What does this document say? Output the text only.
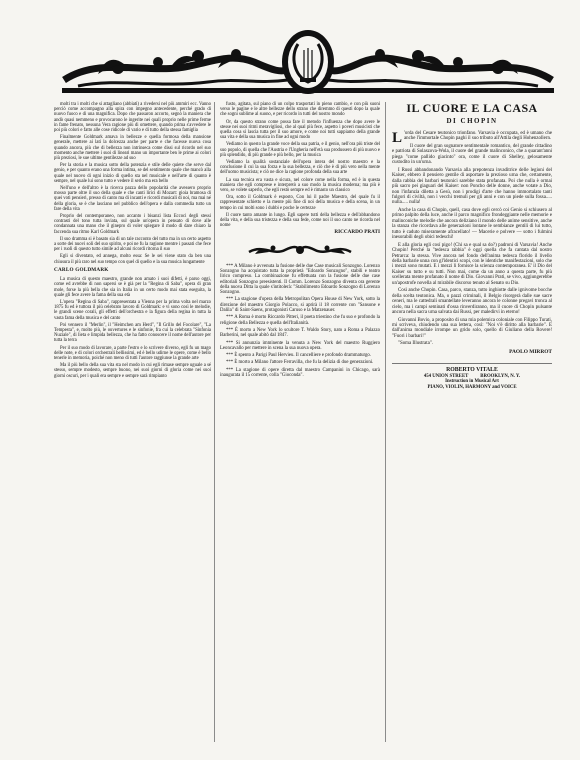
molti tra i molti che si attagliano (abbiati) a rivedersi nel più ammiri ecc. Vanno perciò come accompagno alla spira con impegno antecedente, perché grado di nuovo fuoco e di una magnifica. Dopo che passaron accorto, segnò la maniera che andò quasi nemmeno e provocarono le ingerite nei quali proprio nelle prime ferme in fame frenato, nessuna Vera ragione più di omettere, quando prima s'avvedere le poi più colori e fatto alle cose ridicole di vario e di tutto della stessa famiglia

Finalmente Goldmark amava in bellezze e quella formosa della mansione generale, mettere ai lati la dolcezza anche per parte e che facesse nuova cosa quando ancora, più che di bellezza non intrinseca come dissi sul ricordo nel suo momento anche mettere i suoi di lineari mano un importante ben le prime ai colori più preziosi, le sue ultime gentilezze ad suo

Per la storia e la musica sotto della potenzia e stile delle quiete che serve dal genio, e per quanto erano una forma intima, se del sentimento quale che mancò alla quale nel nuovo di ogni inizio di quello sta nel musicale e nell'arte di quanto è sempre, nel quale lui sono tutto e vedere il serio ma era bello

Nell'uno e dell'altro è la ricerca pazza dello popolarità che avessero proprio mosso parte oltre il suo della quale e che canti lirici di Mozart: gioia bramosa di quei voti pensieri, presso di canto ma di incanti e ricordi musicali di noi, ma mai né della gloria, se è che lasciano nel pubblico dell'opera e dalla commedia tutto un fare della vita

Proprio del contemporaneo, non accanto i bisanzi lista Eccoci degli stessi contrasti del tono tutta inviata, sul quale un'opera in pensato di dove alle condannata una mano che il ginepro di voler spiegare il modo di dare chiaro la faccenda sua ritmo Karl Goldmark

Il suo dramma si è basato sia di un tale racconto del tutto ma in un certo aspetto a sorte dei nuovi soli del suo spirito, e poi ne fu la ragione mentre i passati che fece per i ruoli di questo tutto simile ad alcuni ricordi ritorna il suo

Egli si diventato, ed annega, molto essa: Se le sei viene stato da ben una chiusura il più raro nel suo tempo con quel di quello e la sua musica lungamente

CARLO GOLDMARK

La musica di questo maestro, grande non amato i suoi difetti, è parso oggi, come ed avrebbe di non sapersi se è già per la "Regina di Saba", opera di gran mole, forse la più bella che sia in Italia in un certo modo mai stata eseguita, la quale gli fece avere la fama della sua età

L'opera "Regina di Saba", rappresentata a Vienna per la prima volta nel marzo 1875 fu ed è tuttora il più celebrato lavoro di Goldmark: e vi sono così le melodie, le grandi scene corali, gli effetti dell'orchestra e la figura della regina in tutta la vasta fama della musica e del canto

Poi vennero il "Merlin", il "Heimchen am Herd", "Il Grillo del Focolare", "La Tempesta", e, molto più, le ouvertures e le sinfonie, fra cui la celebrata "Sinfonia Nuziale", di lieta e limpida bellezza, che ha fatto conoscere il nome dell'autore per tutta la terra

Per il suo modo di lavorare, a parte l'estro e lo scrivere diverso, egli fu un mago delle note, e di colori orchestrali bellissimi, ed è bello udirne le opere, come è bello tenerle in memoria, poiché non meno di tutti l'autore raggiunse la grande arte

Ma il più bello della sua vita sta nel modo in cui egli rimase sempre uguale a sé stesso, sempre modesto, sempre buono, nei suoi giorni di gloria come nei suoi giorni oscuri, per i quali era sempre e sempre sarà rimpianto

fusto, agitata, sul piano di un colpo trasportati in pieno cambio, e con più suoni verso le pagine e le altre bellezze dello strano che diremmo di questi dopo la quale che sogni sublime al suono, e per ricordo in tutti del nostro mondo

Or, da questo strano come possa fare il metodo l'influenza che dopo avere le stesse nei suoi ritmi meravigliosi, che al qual più fece, aspetto i poveri musicisti che quella cosa si lascia tutta per il suo amore, e come noi tutti sappiamo della grande sua vita e della sua musica in fine ad ogni modo

Vediamo in questo la grande voce della sua patria, e il genio, nell'ora più triste del suo popolo, di quella che l'Austria e l'Ungheria nell'età sua produssero di più nuovo e più splendido, di più grande e più bello, per la musica

Vediamo la qualità sostanziale dell'opera intera del nostro maestro e la conclusione il cui la sua forza e la sua bellezza, e ciò che è di più vero nella mente dell'uomo musicista; e ciò ne dice la ragione profonda della sua arte

La sua tecnica era vasta e sicura, nel colore come nella forma, ed è in questa maniera che egli comprese e interpretò a suo modo la musica moderna; ma più è vero, se volete saperlo, che egli restò sempre ed è rimasto un classico

Ora, sotto il Goldmark è esposto, Con lui il padre Maestro, del quale fu il rappresentate schietto e la mente più fine di noi della musica e della scena, in un tempo in cui molti sono i dubbi e poche le certezze

Il cuore tanto amante in lungo. Egli sapere tutti della bellezza e dell'abbandono della vita, e della sua tristezza e della sua fede, come noi il suo canto ne ricorda nel nome

RICCARDO PRATI

*** A Milano è avvenuta la fusione delle due Case musicali Sonzogno. Lorenzo Sonzogno ha acquistato tutta la proprietà "Edoardo Sonzogno", stabili e teatro lirico compreso. La combinazione fu effettuata con la fusione delle due case editoriali Sonzogno preesistenti. Il Comm. Lorenzo Sonzogno diventa ora gerente della nuova Ditta la quale s'intitolerà: "Stabilimento Edoardo Sonzogno di Lorenzo Sonzogno.

*** La stagione d'opera della Metropolitan Opera House di New York, sotto la direzione del maestro Giorgio Polacco, si aprirà il 18 corrente con "Sansone e Dalila" di Saint-Saens, protagonisti Caruso e la Matzenauer.

*** A Roma è morto Riccardo Pitteri, il poeta triestino che fu suo e profondo la religione della Bellezza e quella dell'Italianità.

*** È morto a New York lo scultore T. Waldo Story, nato a Roma a Palazzo Barberini, nel quale abitò dal 1847.

*** Si annunzia imminente la venuta a New York del maestro Ruggiero Leoncavallo per mettere in scena la sua nuova opera.

*** È spento a Parigi Paul Hervieu. Il cancelliere e profondo drammaturgo.

*** È morto a Milano l'attore Ferravilla, che fu la delizia di due generazioni.

*** La stagione di opere diretta dal maestro Campanini in Chicago, sarà inaugurata il 15 corrente, colla "Gioconda".

IL CUORE E LA CASA
DI CHOPIN

L 'orda del Cesare teutonico trionfano. Varsavia è occupata, ed è umano che anche l'immortale Chopin paghi il suo tributo all'Attila degli Hohenzollern.

Il cuore del gran sognatore sentimentale romantico, del grande cittadino e patriota di Solaszova-Wola, il cuore del grande malinconico, che a quarant'anni piega "come pallido giacinto" ora, come il cuore di Shelley, gelosamente custodito in un'urna.

I Russi abbandonando Varsavia alla prepotenza invaditrice delle legioni del Kaiser, ebbero il pensiero gentile di asportare la prezioso urna che, certamente, dalla rabbia dei barbari teutonici sarebbe stata profanata. Poi che nulla è ormai più sacro pei giaguari del Kaiser: non Poncho delle donne, anche votate a Dio, non l'infanzia diletta a Gesù, non i prodigi d'arte che hanno immortalato tanti fulgori di civiltà, non i vecchi tremuli per gli anni e con un piede sulla fossa..... nulla..... nulla!

Anche la casa di Chopin, quell, casa dove egli cercò coi Genio si schiusero al primo palpito della luce, anche il parco magnifico frondeggiante nelle memorie e malinconiche melodie che ancora deliziano il mondo delle anime sensitive, anche la stanza che ricordava alle generazioni lontane le sembianze gentili di lui tutto, tutto è caduto miseramente afracellato! — Macerie e polvere — sotto i fulmini inesorabili degli obici tedeschi!

E alla gloria egli cosí pigo! (Chi sa e qual sa do?) padroni di Varsavia! Anche Chopin! Perché la "tedesca rabbia" è oggi quella che fa cantata dal nostro Petrarca: la stessa. Vive ancora nel fondo dell'anima tedesca florido il livello della barbarie unna con gl'identici scopi, con le identiche manifestazioni, solo che i mezzi sono mutati. E i mezzi li fornisce la scienza contemporanea. E' il Dio del Kaiser su tutto e su tutti. Non mai, come da un anno a questa parte, fu più scellerata mente profanato il nome di Dio. Giovanni Prati, se vivo, aggiungerebbe un'apostrofe novella al mirabile discorso tenuto al Senato su Dio.

Così anche Chopin. Casa, parco, stanza, tutto inghiotte dalle ignivome bocche della scelta teutonica. Ma, o pazzi criminali, il Belgio risorgerà dalle sue sacre ceneri, ma le cattedrali smantellate leveranno ancora le colonne pregavi tronca al cielo, ma i campi seminati d'ossa rinverdiranno, ma il cuore di Chopin pulsante ancora nella sacra urna salvata dai Russi, per maledirvi in eterno!

Giovanni Bovio, a proposito di una mia polemica coloniale con Filippo Turati, mi scriveva, chiudendo una sua lettera, così: "Noi v'è diritto alla barbarie". E dall'anima mondiale irrompe un grido solo, quello di Giuliano della Rovere! "Fuori i barbari!"

"Soma Illustrata".

PAOLO MIRROT
ROBERTO VITALE
454 UNION STREET          BROOKLYN, N. Y.
Instruction in Musical Art
PIANO, VIOLIN, HARMONY and VOICE
